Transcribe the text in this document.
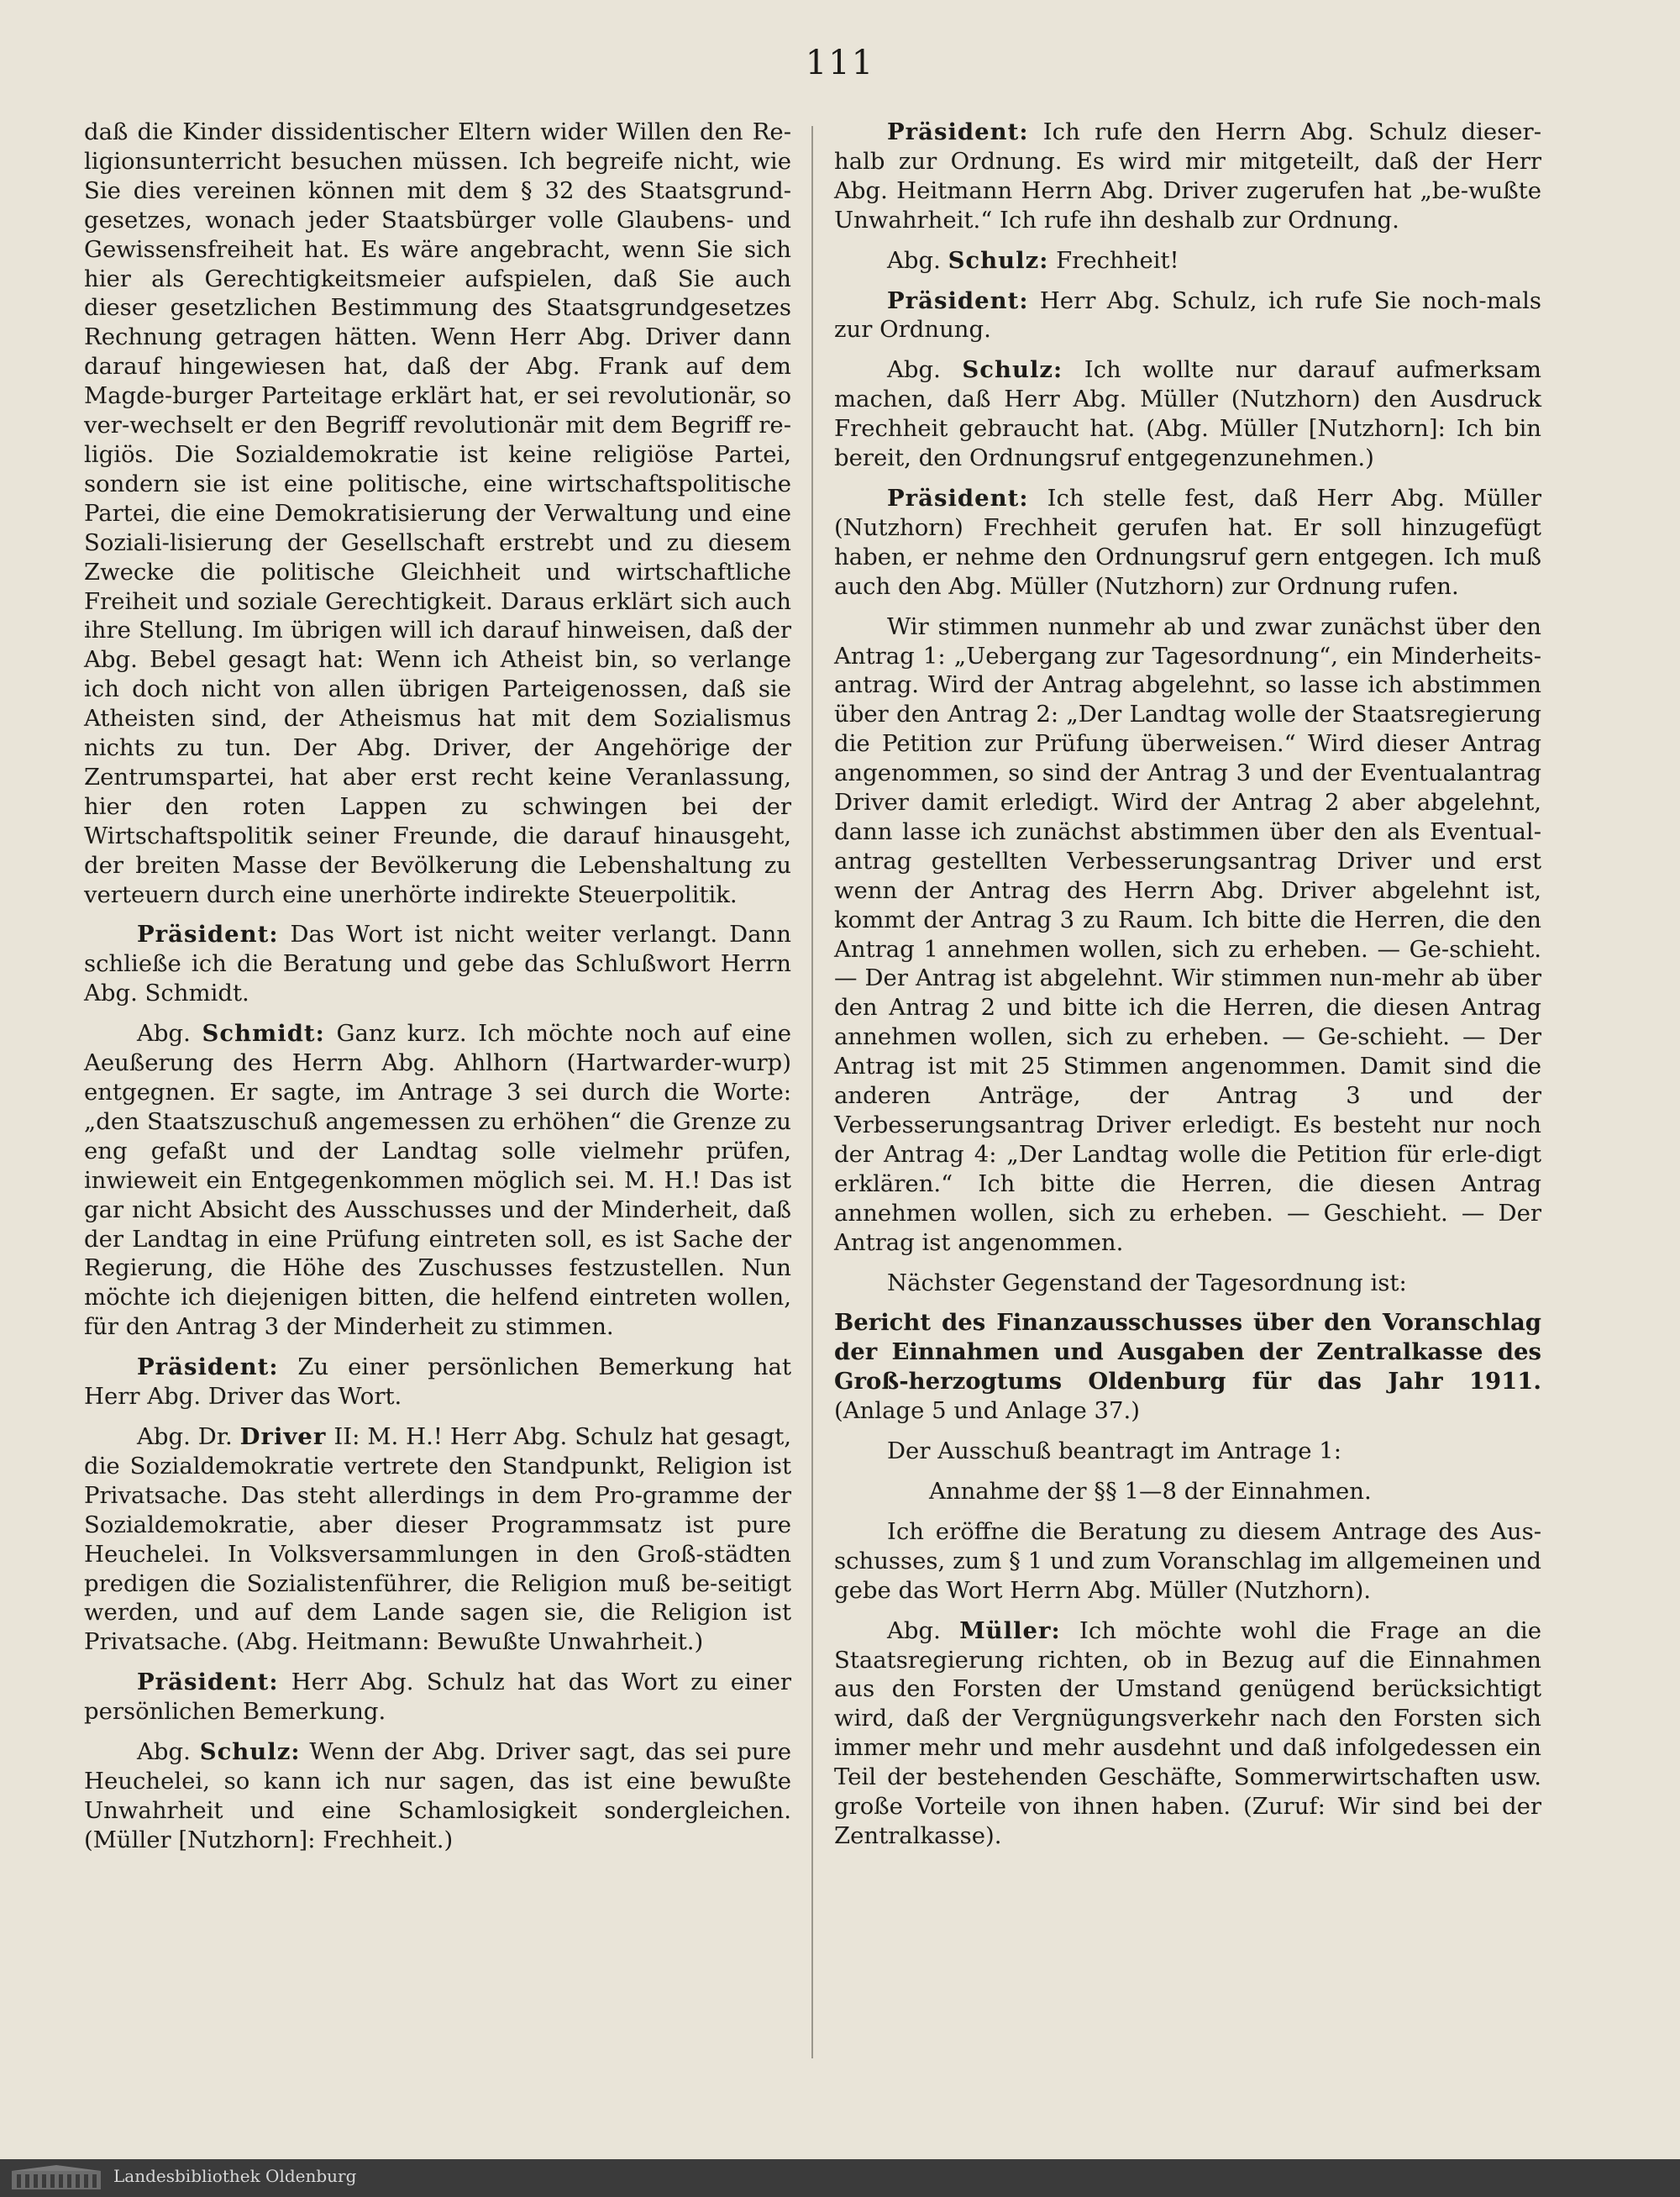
111

daß die Kinder dissidentischer Eltern wider Willen den Re-ligionsunterricht besuchen müssen. Ich begreife nicht, wie Sie dies vereinen können mit dem § 32 des Staatsgrund-gesetzes, wonach jeder Staatsbürger volle Glaubens- und Gewissensfreiheit hat. Es wäre angebracht, wenn Sie sich hier als Gerechtigkeitsmeier aufspielen, daß Sie auch dieser gesetzlichen Bestimmung des Staatsgrundgesetzes Rechnung getragen hätten. Wenn Herr Abg. Driver dann darauf hingewiesen hat, daß der Abg. Frank auf dem Magde-burger Parteitage erklärt hat, er sei revolutionär, so ver-wechselt er den Begriff revolutionär mit dem Begriff re-ligiös. Die Sozialdemokratie ist keine religiöse Partei, sondern sie ist eine politische, eine wirtschaftspolitische Partei, die eine Demokratisierung der Verwaltung und eine Soziali-lisierung der Gesellschaft erstrebt und zu diesem Zwecke die politische Gleichheit und wirtschaftliche Freiheit und soziale Gerechtigkeit. Daraus erklärt sich auch ihre Stellung. Im übrigen will ich darauf hinweisen, daß der Abg. Bebel gesagt hat: Wenn ich Atheist bin, so verlange ich doch nicht von allen übrigen Parteigenossen, daß sie Atheisten sind, der Atheismus hat mit dem Sozialismus nichts zu tun. Der Abg. Driver, der Angehörige der Zentrumspartei, hat aber erst recht keine Veranlassung, hier den roten Lappen zu schwingen bei der Wirtschaftspolitik seiner Freunde, die darauf hinausgeht, der breiten Masse der Bevölkerung die Lebenshaltung zu verteuern durch eine unerhörte indirekte Steuerpolitik.

Präsident: Das Wort ist nicht weiter verlangt. Dann schließe ich die Beratung und gebe das Schlußwort Herrn Abg. Schmidt.

Abg. Schmidt: Ganz kurz. Ich möchte noch auf eine Aeußerung des Herrn Abg. Ahlhorn (Hartwarder-wurp) entgegnen. Er sagte, im Antrage 3 sei durch die Worte: „den Staatszuschuß angemessen zu erhöhen“ die Grenze zu eng gefaßt und der Landtag solle vielmehr prüfen, inwieweit ein Entgegenkommen möglich sei. M. H.! Das ist gar nicht Absicht des Ausschusses und der Minderheit, daß der Landtag in eine Prüfung eintreten soll, es ist Sache der Regierung, die Höhe des Zuschusses festzustellen. Nun möchte ich diejenigen bitten, die helfend eintreten wollen, für den Antrag 3 der Minderheit zu stimmen.

Präsident: Zu einer persönlichen Bemerkung hat Herr Abg. Driver das Wort.

Abg. Dr. Driver II: M. H.! Herr Abg. Schulz hat gesagt, die Sozialdemokratie vertrete den Standpunkt, Religion ist Privatsache. Das steht allerdings in dem Pro-gramme der Sozialdemokratie, aber dieser Programmsatz ist pure Heuchelei. In Volksversammlungen in den Groß-städten predigen die Sozialistenführer, die Religion muß be-seitigt werden, und auf dem Lande sagen sie, die Religion ist Privatsache. (Abg. Heitmann: Bewußte Unwahrheit.)

Präsident: Herr Abg. Schulz hat das Wort zu einer persönlichen Bemerkung.

Abg. Schulz: Wenn der Abg. Driver sagt, das sei pure Heuchelei, so kann ich nur sagen, das ist eine bewußte Unwahrheit und eine Schamlosigkeit sondergleichen. (Müller [Nutzhorn]: Frechheit.)

Präsident: Ich rufe den Herrn Abg. Schulz dieser-halb zur Ordnung. Es wird mir mitgeteilt, daß der Herr Abg. Heitmann Herrn Abg. Driver zugerufen hat „be-wußte Unwahrheit.“ Ich rufe ihn deshalb zur Ordnung.

Abg. Schulz: Frechheit!

Präsident: Herr Abg. Schulz, ich rufe Sie noch-mals zur Ordnung.

Abg. Schulz: Ich wollte nur darauf aufmerksam machen, daß Herr Abg. Müller (Nutzhorn) den Ausdruck Frechheit gebraucht hat. (Abg. Müller [Nutzhorn]: Ich bin bereit, den Ordnungsruf entgegenzunehmen.)

Präsident: Ich stelle fest, daß Herr Abg. Müller (Nutzhorn) Frechheit gerufen hat. Er soll hinzugefügt haben, er nehme den Ordnungsruf gern entgegen. Ich muß auch den Abg. Müller (Nutzhorn) zur Ordnung rufen.

Wir stimmen nunmehr ab und zwar zunächst über den Antrag 1: „Uebergang zur Tagesordnung“, ein Minderheits-antrag. Wird der Antrag abgelehnt, so lasse ich abstimmen über den Antrag 2: „Der Landtag wolle der Staatsregierung die Petition zur Prüfung überweisen.“ Wird dieser Antrag angenommen, so sind der Antrag 3 und der Eventualantrag Driver damit erledigt. Wird der Antrag 2 aber abgelehnt, dann lasse ich zunächst abstimmen über den als Eventual-antrag gestellten Verbesserungsantrag Driver und erst wenn der Antrag des Herrn Abg. Driver abgelehnt ist, kommt der Antrag 3 zu Raum. Ich bitte die Herren, die den Antrag 1 annehmen wollen, sich zu erheben. — Ge-schieht. — Der Antrag ist abgelehnt. Wir stimmen nun-mehr ab über den Antrag 2 und bitte ich die Herren, die diesen Antrag annehmen wollen, sich zu erheben. — Ge-schieht. — Der Antrag ist mit 25 Stimmen angenommen. Damit sind die anderen Anträge, der Antrag 3 und der Verbesserungsantrag Driver erledigt. Es besteht nur noch der Antrag 4: „Der Landtag wolle die Petition für erle-digt erklären.“ Ich bitte die Herren, die diesen Antrag annehmen wollen, sich zu erheben. — Geschieht. — Der Antrag ist angenommen.

Nächster Gegenstand der Tagesordnung ist:

Bericht des Finanzausschusses über den Voranschlag der Einnahmen und Ausgaben der Zentralkasse des Groß-herzogtums Oldenburg für das Jahr 1911. (Anlage 5 und Anlage 37.)

Der Ausschuß beantragt im Antrage 1:

Annahme der §§ 1—8 der Einnahmen.

Ich eröffne die Beratung zu diesem Antrage des Aus-schusses, zum § 1 und zum Voranschlag im allgemeinen und gebe das Wort Herrn Abg. Müller (Nutzhorn).

Abg. Müller: Ich möchte wohl die Frage an die Staatsregierung richten, ob in Bezug auf die Einnahmen aus den Forsten der Umstand genügend berücksichtigt wird, daß der Vergnügungsverkehr nach den Forsten sich immer mehr und mehr ausdehnt und daß infolgedessen ein Teil der bestehenden Geschäfte, Sommerwirtschaften usw. große Vorteile von ihnen haben. (Zuruf: Wir sind bei der Zentralkasse).

Landesbibliothek Oldenburg
